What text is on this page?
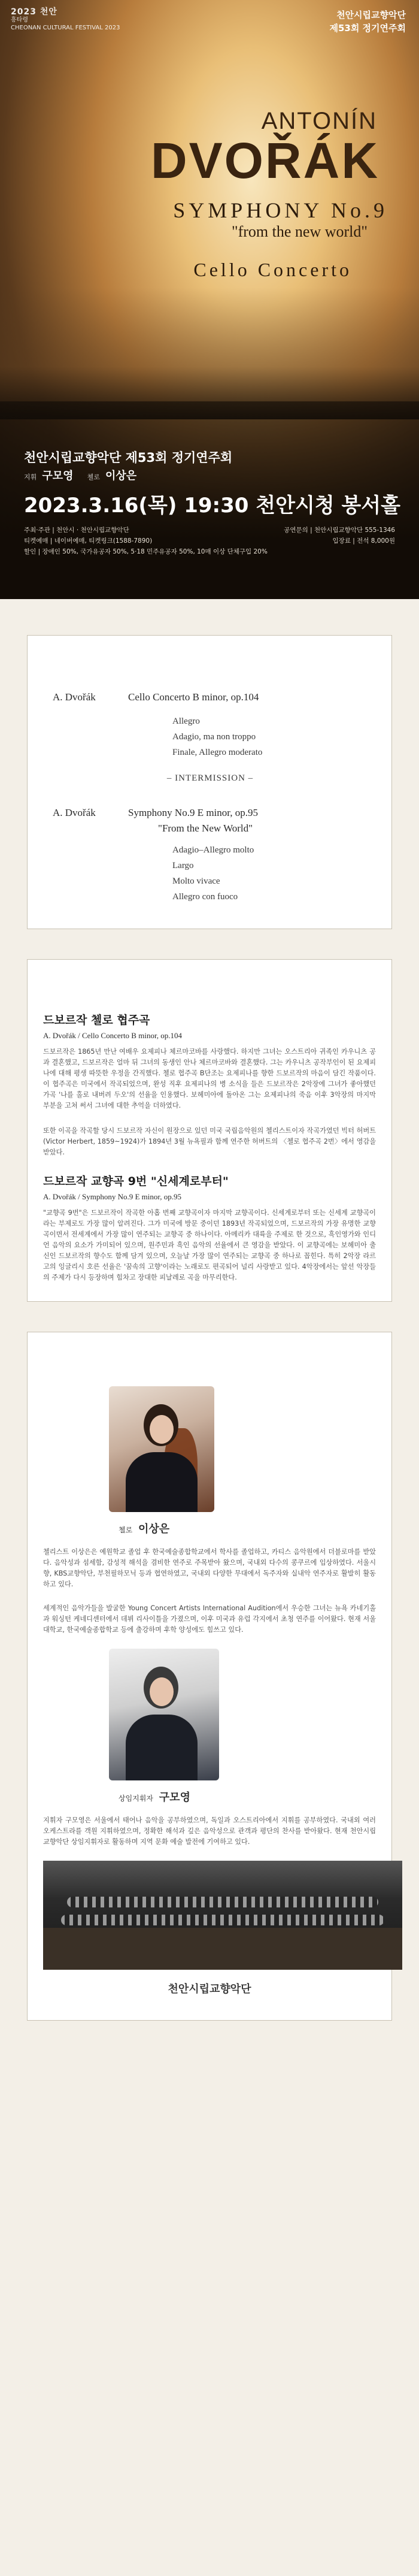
2023 천안
흥타령
CHEONAN CULTURAL FESTIVAL 2023
천안시립교향악단
제53회 정기연주회
ANTONÍN
DVOŘÁK
SYMPHONY No.9
"from the new world"
Cello Concerto
천안시립교향악단 제53회 정기연주회
지휘 구모영 첼로 이상은
2023.3.16(목) 19:30 천안시청 봉서홀
주최·주관 | 천안시 · 천안시립교향악단	공연문의 | 천안시립교향악단 555-1346
티켓예매 | 네이버예매, 티켓링크(1588-7890)	입장료 | 전석 8,000원
할인 | 장애인 50%, 국가유공자 50%, 5·18 민주유공자 50%, 10매 이상 단체구입 20%
A. Dvořák	Cello Concerto B minor, op.104
Allegro
Adagio, ma non troppo
Finale, Allegro moderato
– INTERMISSION –
A. Dvořák	Symphony No.9 E minor, op.95
"From the New World"
Adagio–Allegro molto
Largo
Molto vivace
Allegro con fuoco
드보르작 첼로 협주곡
A. Dvořák / Cello Concerto B minor, op.104

드보르작은 1865년 만난 여배우 요제피나 체르마코바를 사랑했다. 하지만 그녀는 오스트리아 귀족인 카우니츠 공과 결혼했고, 드보르작은 얼마 뒤 그녀의 동생인 안나 체르마코바와 결혼했다. 그는 카우니츠 공작부인이 된 요제피나에 대해 평생 따뜻한 우정을 간직했다. 첼로 협주곡 B단조는 요제피나를 향한 드보르작의 마음이 담긴 작품이다. 이 협주곡은 미국에서 작곡되었으며, 완성 직후 요제피나의 병 소식을 들은 드보르작은 2악장에 그녀가 좋아했던 가곡 '나를 홀로 내버려 두오'의 선율을 인용했다. 보헤미아에 돌아온 그는 요제피나의 죽음 이후 3악장의 마지막 부분을 고쳐 써서 그녀에 대한 추억을 더하였다.

또한 이곡을 작곡할 당시 드보르작 자신이 원장으로 있던 미국 국립음악원의 첼리스트이자 작곡가였던 빅터 허버트(Victor Herbert, 1859~1924)가 1894년 3월 뉴욕필과 함께 연주한 허버트의 〈첼로 협주곡 2번〉에서 영감을 받았다.

드보르작 교향곡 9번 "신세계로부터"
A. Dvořák / Symphony No.9 E minor, op.95

"교향곡 9번"은 드보르작이 작곡한 아홉 번째 교향곡이자 마지막 교향곡이다. 신세계로부터 또는 신세계 교향곡이라는 부제로도 가장 많이 알려진다. 그가 미국에 방문 중이던 1893년 작곡되었으며, 드보르작의 가장 유명한 교향곡이면서 전세계에서 가장 많이 연주되는 교향곡 중 하나이다. 아메리카 대륙을 주제로 한 것으로, 흑인영가와 인디언 음악의 요소가 가미되어 있으며, 원주민과 흑인 음악의 선율에서 큰 영감을 받았다. 이 교향곡에는 보헤미아 출신인 드보르작의 향수도 함께 담겨 있으며, 오늘날 가장 많이 연주되는 교향곡 중 하나로 꼽힌다. 특히 2악장 라르고의 잉글리시 호른 선율은 '꿈속의 고향'이라는 노래로도 편곡되어 널리 사랑받고 있다. 4악장에서는 앞선 악장들의 주제가 다시 등장하며 힘차고 장대한 피날레로 곡을 마무리한다.

첼로 이상은

첼리스트 이상은은 예원학교 졸업 후 한국예술종합학교에서 학사를 졸업하고, 카티스 음악원에서 더블로마를 받았다. 음악성과 섬세함, 감성적 해석을 겸비한 연주로 주목받아 왔으며, 국내외 다수의 콩쿠르에 입상하였다. 서울시향, KBS교향악단, 부천필하모닉 등과 협연하였고, 국내외 다양한 무대에서 독주자와 실내악 연주자로 활발히 활동하고 있다.

세계적인 음악가들을 발굴한 Young Concert Artists International Audition에서 우승한 그녀는 뉴욕 카네기홀과 워싱턴 케네디센터에서 데뷔 리사이틀을 가졌으며, 이후 미국과 유럽 각지에서 초청 연주를 이어왔다. 현재 서울대학교, 한국예술종합학교 등에 출강하며 후학 양성에도 힘쓰고 있다.

상임지휘자 구모영

지휘자 구모영은 서울에서 태어나 음악을 공부하였으며, 독일과 오스트리아에서 지휘를 공부하였다. 국내외 여러 오케스트라를 객원 지휘하였으며, 정확한 해석과 깊은 음악성으로 관객과 평단의 찬사를 받아왔다. 현재 천안시립교향악단 상임지휘자로 활동하며 지역 문화 예술 발전에 기여하고 있다.

천안시립교향악단
